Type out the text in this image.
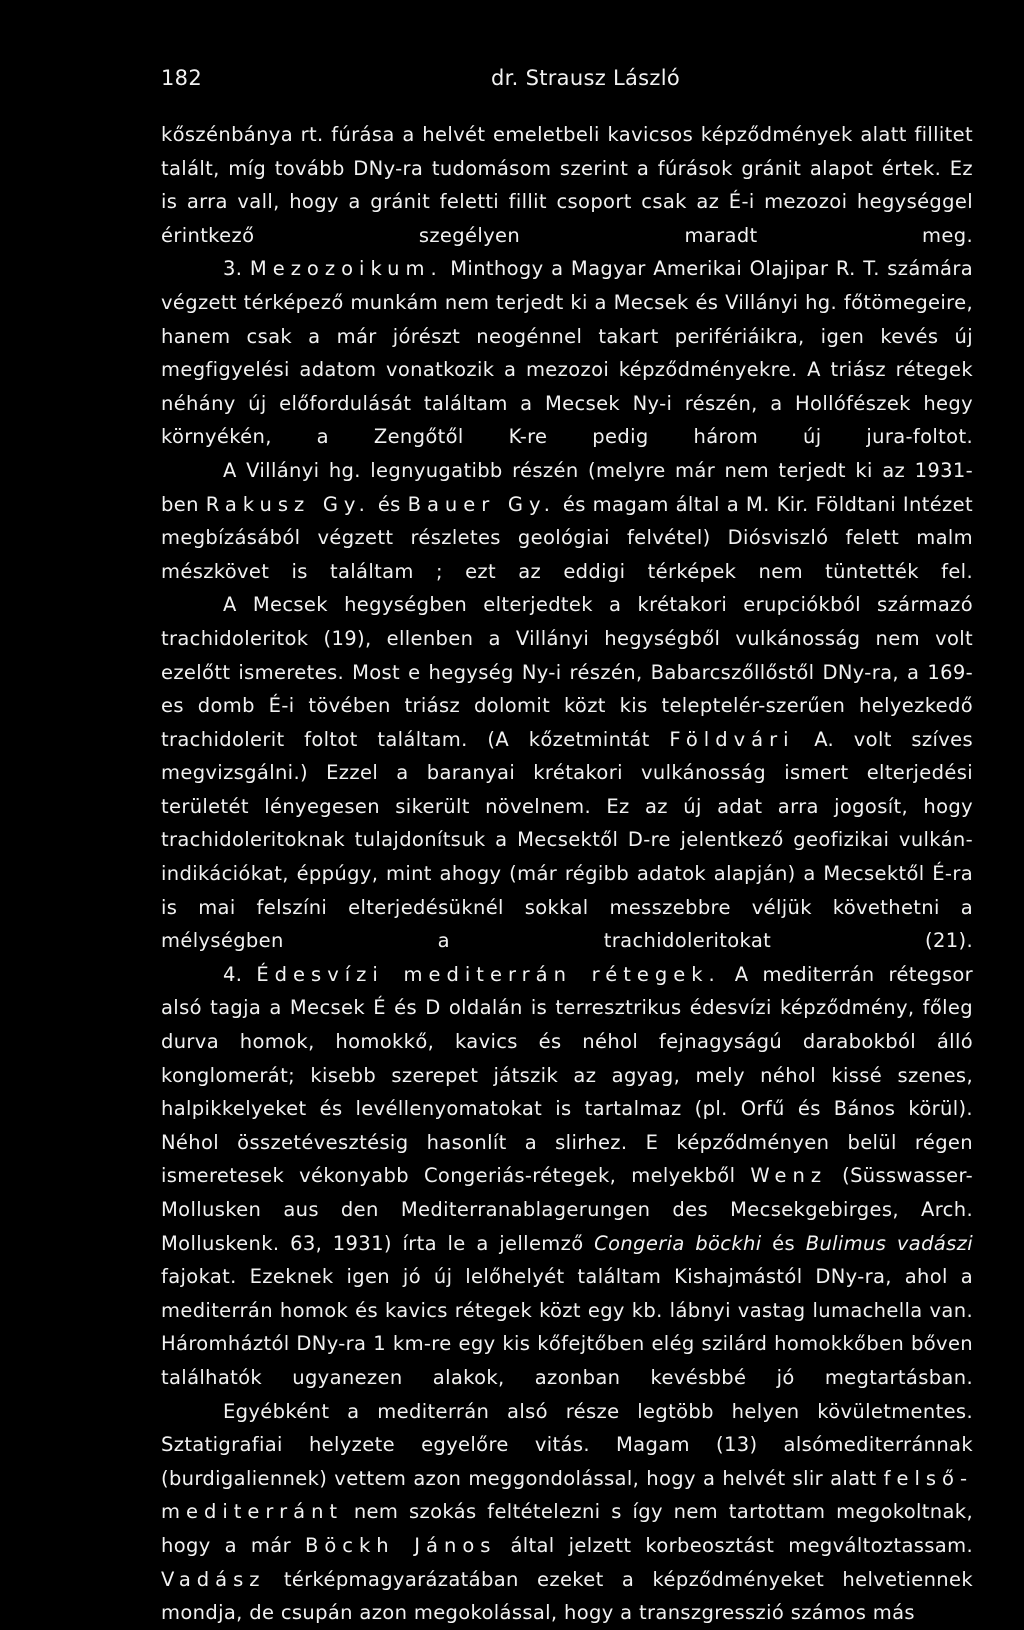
182	dr. Strausz László

kőszénbánya rt. fúrása a helvét emeletbeli kavicsos képződmények alatt fillitet talált, míg tovább DNy-ra tudomásom szerint a fúrások gránit alapot értek. Ez is arra vall, hogy a gránit feletti fillit csoport csak az É-i mezozoi hegységgel érintkező szegélyen maradt meg.

3. Mezozoikum. Minthogy a Magyar Amerikai Olajipar R. T. számára végzett térképező munkám nem terjedt ki a Mecsek és Villányi hg. főtömegeire, hanem csak a már jórészt neogénnel takart perifériáikra, igen kevés új megfigyelési adatom vonatkozik a mezozoi képződményekre. A triász rétegek néhány új előfordulását találtam a Mecsek Ny-i részén, a Hollófészek hegy környékén, a Zengőtől K-re pedig három új jura-foltot.

A Villányi hg. legnyugatibb részén (melyre már nem terjedt ki az 1931-ben Rakusz Gy. és Bauer Gy. és magam által a M. Kir. Földtani Intézet megbízásából végzett részletes geológiai felvétel) Diósviszló felett malm mészkövet is találtam ; ezt az eddigi térképek nem tüntették fel.

A Mecsek hegységben elterjedtek a krétakori erupciókból származó trachidoleritok (19), ellenben a Villányi hegységből vulkánosság nem volt ezelőtt ismeretes. Most e hegység Ny-i részén, Babarcszőllőstől DNy-ra, a 169-es domb É-i tövében triász dolomit közt kis teleptelér-szerűen helyezkedő trachidolerit foltot találtam. (A kőzetmintát Földvári A. volt szíves megvizsgálni.) Ezzel a baranyai krétakori vulkánosság ismert elterjedési területét lényegesen sikerült növelnem. Ez az új adat arra jogosít, hogy trachidoleritoknak tulajdonítsuk a Mecsektől D-re jelentkező geofizikai vulkán-indikációkat, éppúgy, mint ahogy (már régibb adatok alapján) a Mecsektől É-ra is mai felszíni elterjedésüknél sokkal messzebbre véljük követhetni a mélységben a trachidoleritokat (21).

4. Édesvízi mediterrán rétegek. A mediterrán rétegsor alsó tagja a Mecsek É és D oldalán is terresztrikus édesvízi képződmény, főleg durva homok, homokkő, kavics és néhol fejnagyságú darabokból álló konglomerát; kisebb szerepet játszik az agyag, mely néhol kissé szenes, halpikkelyeket és levéllenyomatokat is tartalmaz (pl. Orfű és Bános körül). Néhol összetévesztésig hasonlít a slirhez. E képződményen belül régen ismeretesek vékonyabb Congeriás-rétegek, melyekből Wenz (Süsswasser-Mollusken aus den Mediterranablagerungen des Mecsekgebirges, Arch. Molluskenk. 63, 1931) írta le a jellemző Congeria böckhi és Bulimus vadászi fajokat. Ezeknek igen jó új lelőhelyét találtam Kishajmástól DNy-ra, ahol a mediterrán homok és kavics rétegek közt egy kb. lábnyi vastag lumachella van. Háromháztól DNy-ra 1 km-re egy kis kőfejtőben elég szilárd homokkőben bőven találhatók ugyanezen alakok, azonban kevésbbé jó megtartásban.

Egyébként a mediterrán alsó része legtöbb helyen kövületmentes. Sztatigrafiai helyzete egyelőre vitás. Magam (13) alsómediterránnak (burdigaliennek) vettem azon meggondolással, hogy a helvét slir alatt felső-mediterránt nem szokás feltételezni s így nem tartottam megokoltnak, hogy a már Böckh János által jelzett korbeosztást megváltoztassam. Vadász térképmagyarázatában ezeket a képződményeket helvetiennek mondja, de csupán azon megokolással, hogy a transzgresszió számos más
